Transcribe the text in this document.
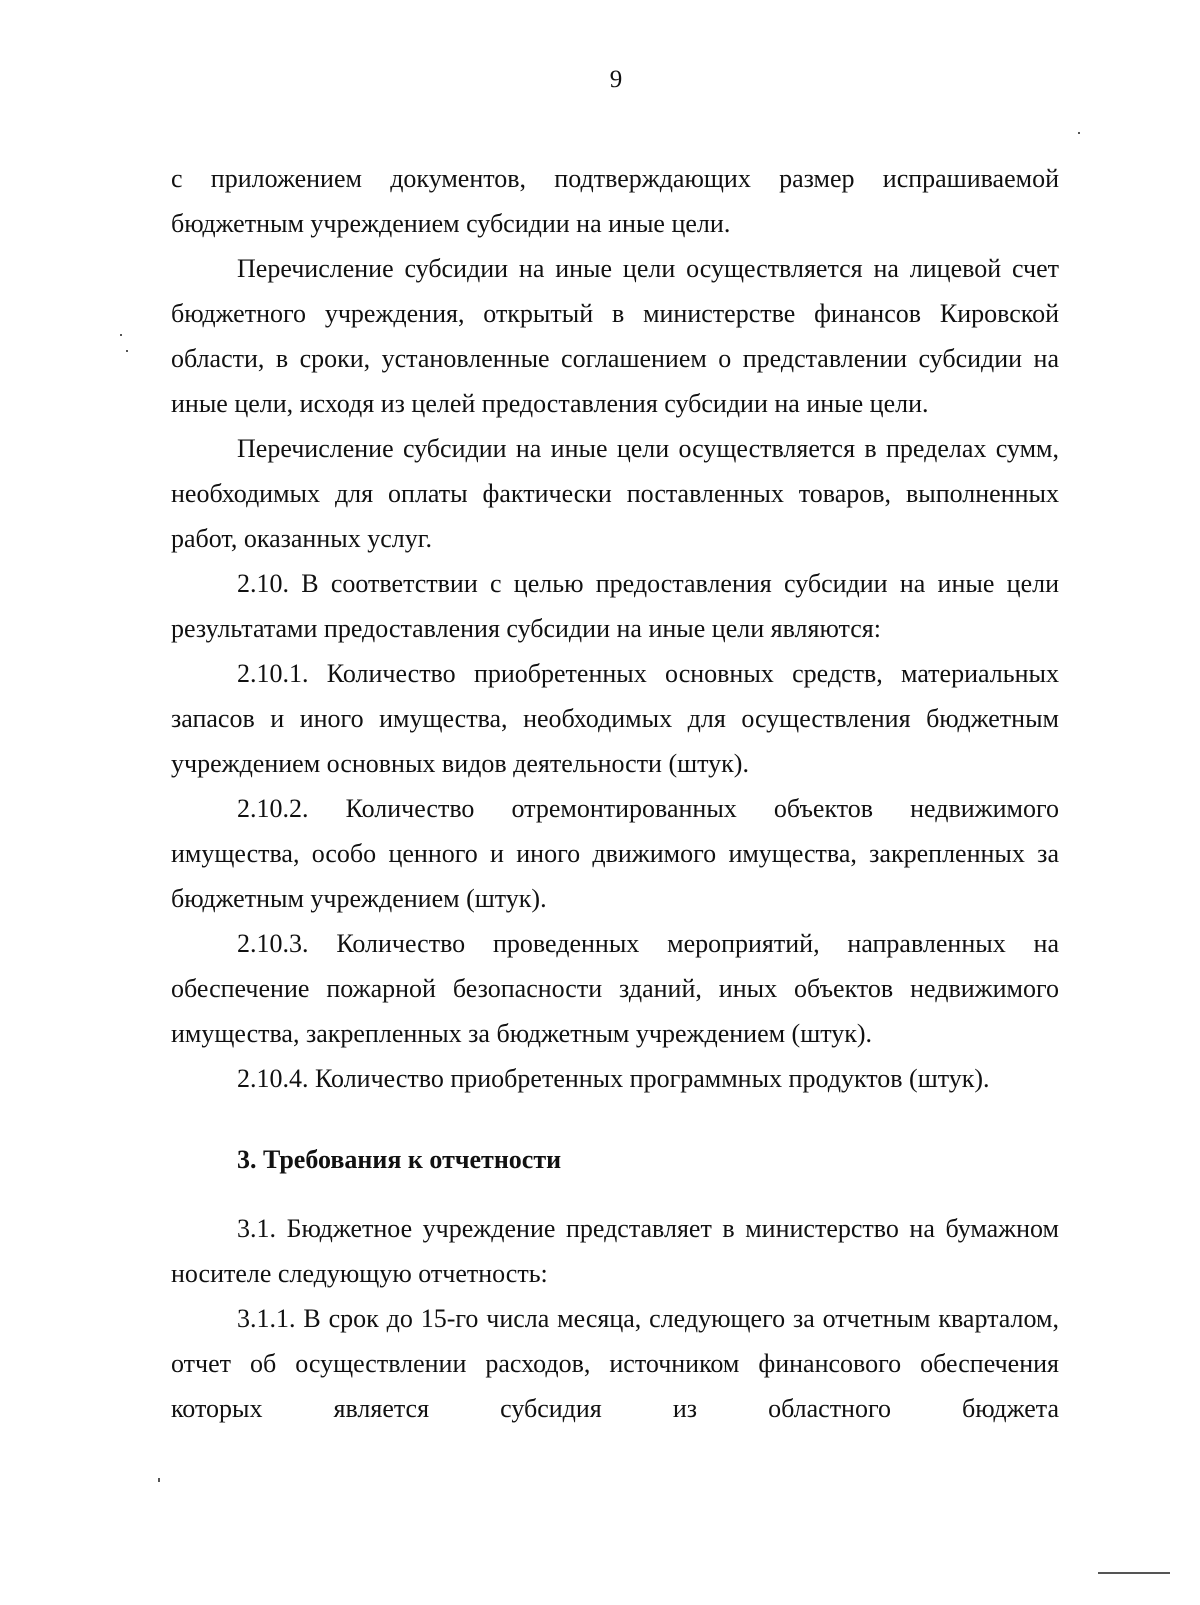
9

с приложением документов, подтверждающих размер испрашиваемой бюджетным учреждением субсидии на иные цели.

Перечисление субсидии на иные цели осуществляется на лицевой счет бюджетного учреждения, открытый в министерстве финансов Кировской области, в сроки, установленные соглашением о представлении субсидии на иные цели, исходя из целей предоставления субсидии на иные цели.

Перечисление субсидии на иные цели осуществляется в пределах сумм, необходимых для оплаты фактически поставленных товаров, выполненных работ, оказанных услуг.

2.10. В соответствии с целью предоставления субсидии на иные цели результатами предоставления субсидии на иные цели являются:

2.10.1. Количество приобретенных основных средств, материальных запасов и иного имущества, необходимых для осуществления бюджетным учреждением основных видов деятельности (штук).

2.10.2. Количество отремонтированных объектов недвижимого имущества, особо ценного и иного движимого имущества, закрепленных за бюджетным учреждением (штук).

2.10.3. Количество проведенных мероприятий, направленных на обеспечение пожарной безопасности зданий, иных объектов недвижимого имущества, закрепленных за бюджетным учреждением (штук).

2.10.4. Количество приобретенных программных продуктов (штук).

3. Требования к отчетности

3.1. Бюджетное учреждение представляет в министерство на бумажном носителе следующую отчетность:

3.1.1. В срок до 15-го числа месяца, следующего за отчетным кварталом, отчет об осуществлении расходов, источником финансового обеспечения которых является субсидия из областного бюджета
